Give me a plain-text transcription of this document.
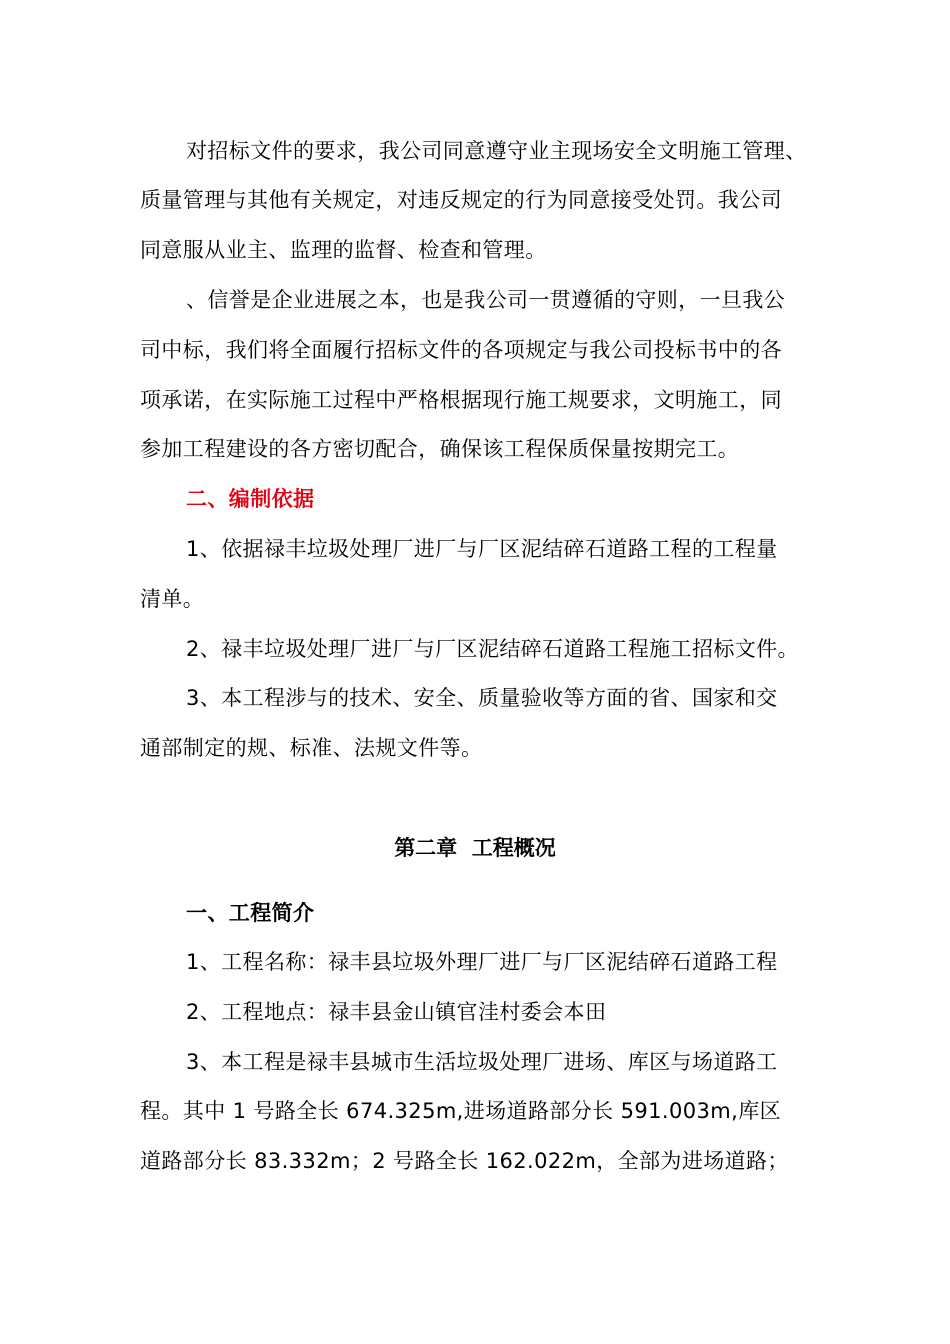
对招标文件的要求，我公司同意遵守业主现场安全文明施工管理、
质量管理与其他有关规定，对违反规定的行为同意接受处罚。我公司
同意服从业主、监理的监督、检查和管理。
、信誉是企业进展之本，也是我公司一贯遵循的守则，一旦我公
司中标，我们将全面履行招标文件的各项规定与我公司投标书中的各
项承诺，在实际施工过程中严格根据现行施工规要求，文明施工，同
参加工程建设的各方密切配合，确保该工程保质保量按期完工。
二、编制依据
1、依据禄丰垃圾处理厂进厂与厂区泥结碎石道路工程的工程量
清单。
2、禄丰垃圾处理厂进厂与厂区泥结碎石道路工程施工招标文件。
3、本工程涉与的技术、安全、质量验收等方面的省、国家和交
通部制定的规、标准、法规文件等。
第二章  工程概况
一、工程简介
1、工程名称：禄丰县垃圾外理厂进厂与厂区泥结碎石道路工程
2、工程地点：禄丰县金山镇官洼村委会本田
3、本工程是禄丰县城市生活垃圾处理厂进场、库区与场道路工
程。其中 1 号路全长 674.325m,进场道路部分长 591.003m,库区
道路部分长 83.332m；2 号路全长 162.022m，全部为进场道路；
